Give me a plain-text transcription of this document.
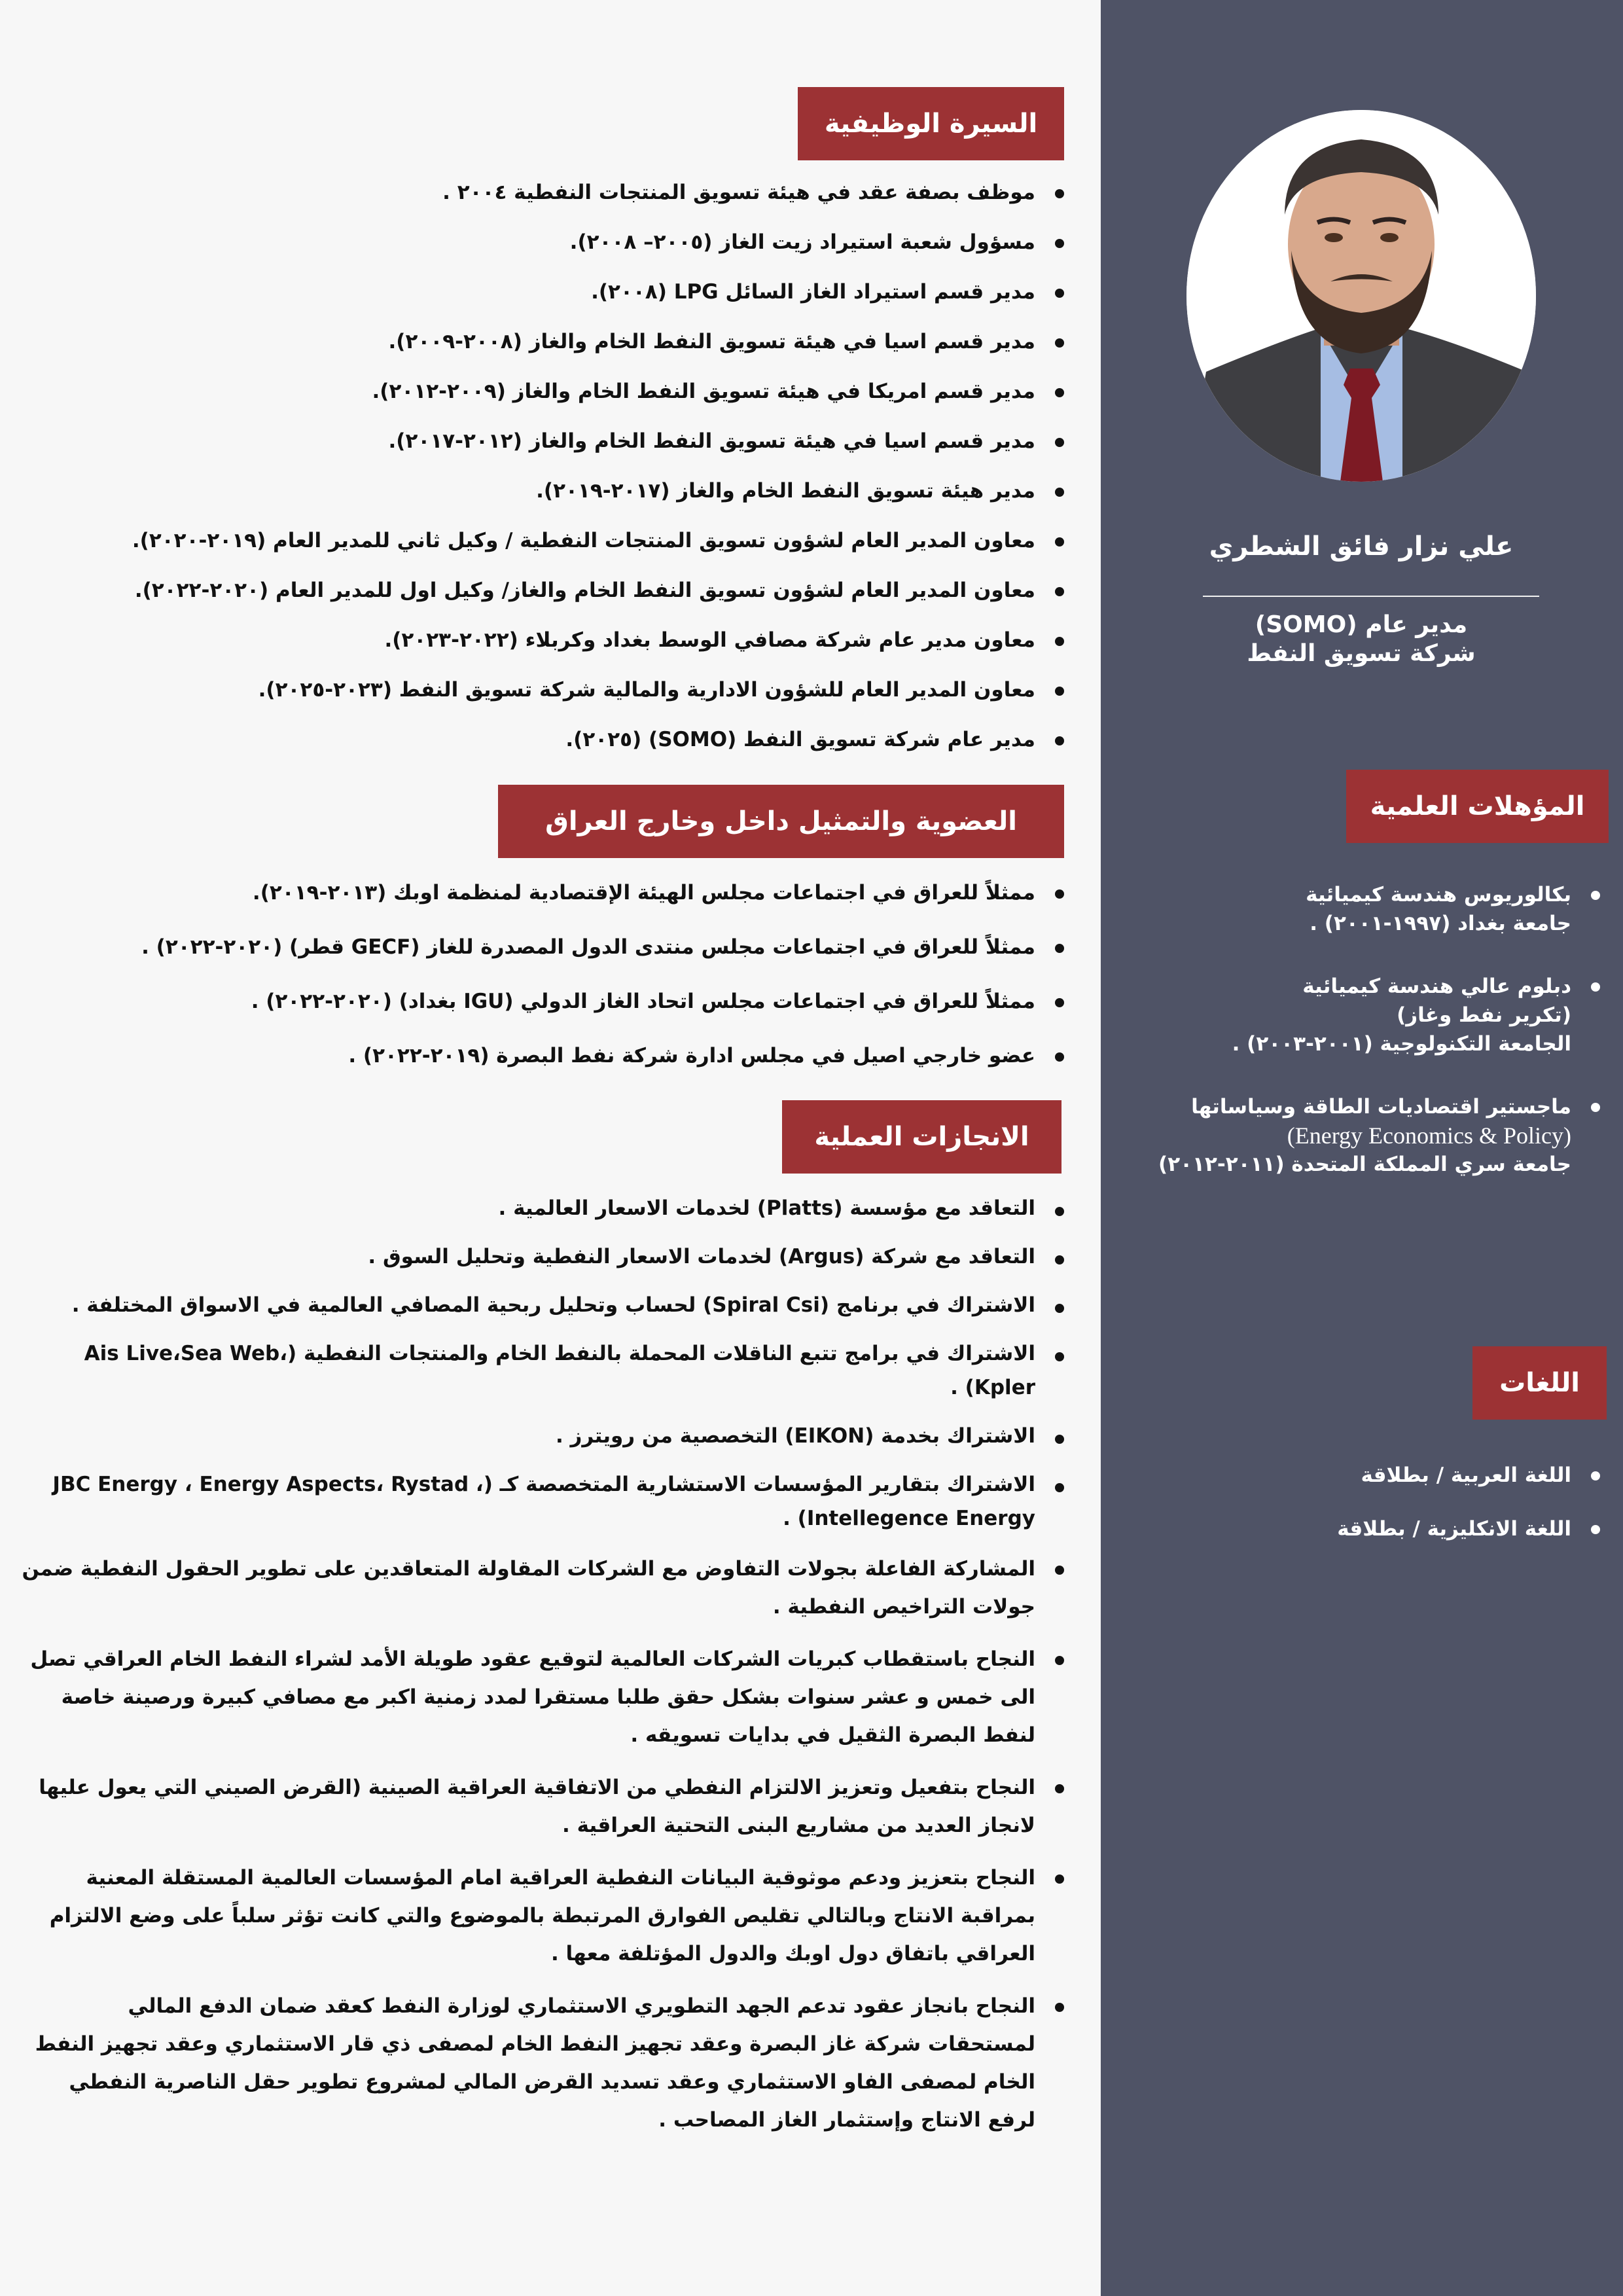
السيرة الوظيفية
موظف بصفة عقد في هيئة تسويق المنتجات النفطية ٢٠٠٤ .
مسؤول شعبة استيراد زيت الغاز (٢٠٠٥– ٢٠٠٨).
مدير قسم استيراد الغاز السائل LPG (٢٠٠٨).
مدير قسم اسيا في هيئة تسويق النفط الخام والغاز (٢٠٠٨-٢٠٠٩).
مدير قسم امريكا في هيئة تسويق النفط الخام والغاز (٢٠٠٩-٢٠١٢).
مدير قسم اسيا في هيئة تسويق النفط الخام والغاز (٢٠١٢-٢٠١٧).
مدير هيئة تسويق النفط الخام والغاز (٢٠١٧-٢٠١٩).
معاون المدير العام لشؤون تسويق المنتجات النفطية / وكيل ثاني للمدير العام (٢٠١٩-٢٠٢٠).
معاون المدير العام لشؤون تسويق النفط الخام والغاز/ وكيل اول للمدير العام (٢٠٢٠-٢٠٢٢).
معاون مدير عام شركة مصافي الوسط بغداد وكربلاء (٢٠٢٢-٢٠٢٣).
معاون المدير العام للشؤون الادارية والمالية شركة تسويق النفط (٢٠٢٣-٢٠٢٥).
مدير عام شركة تسويق النفط (SOMO) (٢٠٢٥).
العضوية والتمثيل داخل وخارج العراق
ممثلاً للعراق في اجتماعات مجلس الهيئة الإقتصادية لمنظمة اوبك (٢٠١٣-٢٠١٩).
ممثلاً للعراق في اجتماعات مجلس منتدى الدول المصدرة للغاز (GECF قطر) (٢٠٢٠-٢٠٢٢) .
ممثلاً للعراق في اجتماعات مجلس اتحاد الغاز الدولي (IGU بغداد) (٢٠٢٠-٢٠٢٢) .
عضو خارجي اصيل في مجلس ادارة شركة نفط البصرة (٢٠١٩-٢٠٢٢) .
الانجازات العملية
التعاقد مع مؤسسة (Platts) لخدمات الاسعار العالمية .
التعاقد مع شركة (Argus) لخدمات الاسعار النفطية وتحليل السوق .
الاشتراك في برنامج (Spiral Csi) لحساب وتحليل ربحية المصافي العالمية في الاسواق المختلفة .
الاشتراك في برامج تتبع الناقلات المحملة بالنفط الخام والمنتجات النفطية (Ais Live،Sea Web، Kpler) .
الاشتراك بخدمة (EIKON) التخصصية من رويترز .
الاشتراك بتقارير المؤسسات الاستشارية المتخصصة كـ (JBC Energy ، Energy Aspects، Rystad ، Intellegence Energy) .
المشاركة الفاعلة بجولات التفاوض مع الشركات المقاولة المتعاقدين على تطوير الحقول النفطية ضمن جولات التراخيص النفطية .
النجاح باستقطاب كبريات الشركات العالمية لتوقيع عقود طويلة الأمد لشراء النفط الخام العراقي تصل الى خمس و عشر سنوات بشكل حقق طلبا مستقرا لمدد زمنية اكبر مع مصافي كبيرة ورصينة خاصة لنفط البصرة الثقيل في بدايات تسويقه .
النجاح بتفعيل وتعزيز الالتزام النفطي من الاتفاقية العراقية الصينية (القرض الصيني التي يعول عليها لانجاز العديد من مشاريع البنى التحتية العراقية .
النجاح بتعزيز ودعم موثوقية البيانات النفطية العراقية امام المؤسسات العالمية المستقلة المعنية بمراقبة الانتاج وبالتالي تقليص الفوارق المرتبطة بالموضوع والتي كانت تؤثر سلباً على وضع الالتزام العراقي باتفاق دول اوبك والدول المؤتلفة معها .
النجاح بانجاز عقود تدعم الجهد التطويري الاستثماري لوزارة النفط كعقد ضمان الدفع المالي لمستحقات شركة غاز البصرة وعقد تجهيز النفط الخام لمصفى ذي قار الاستثماري وعقد تجهيز النفط الخام لمصفى الفاو الاستثماري وعقد تسديد القرض المالي لمشروع تطوير حقل الناصرية النفطي لرفع الانتاج وإستثمار الغاز المصاحب .
علي نزار فائق الشطري
مدير عام (SOMO)
شركة تسويق النفط
المؤهلات العلمية
بكالوريوس هندسة كيميائية
جامعة بغداد (١٩٩٧-٢٠٠١) .
دبلوم عالي هندسة كيميائية
(تكرير نفط وغاز)
الجامعة التكنولوجية (٢٠٠١-٢٠٠٣) .
ماجستير اقتصاديات الطاقة وسياساتها
(Energy Economics & Policy)
جامعة سري المملكة المتحدة (٢٠١١-٢٠١٢)
اللغات
اللغة العربية / بطلاقة
اللغة الانكليزية / بطلاقة
